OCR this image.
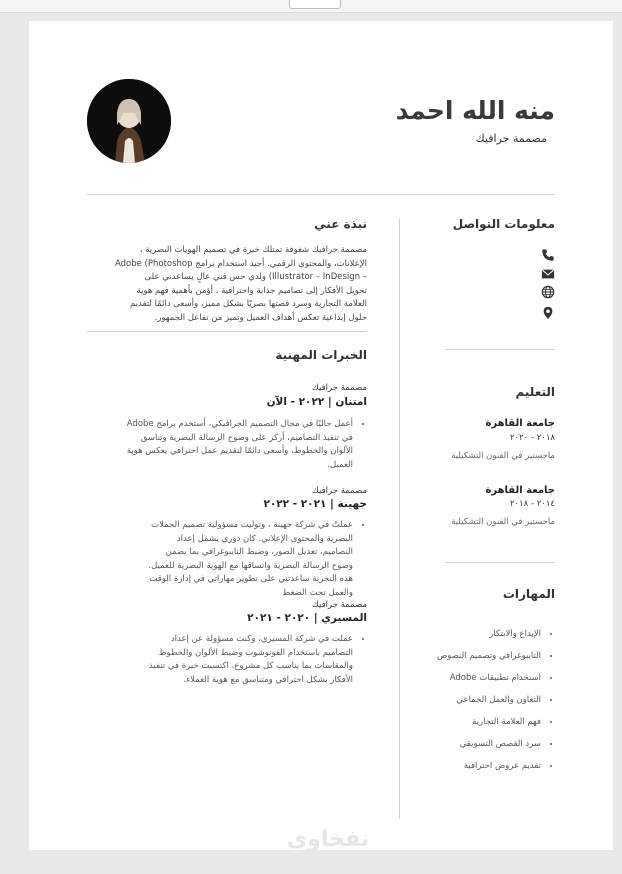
منه الله احمد
مصممة جرافيك
معلومات التواصل
التعليم
جامعة القاهرة
٢٠١٨ - ٢٠٢٠
ماجستير في الفنون التشكيلية
جامعة القاهرة
٢٠١٤ - ٢٠١٨
ماجستير في الفنون التشكيلية
المهارات
• الإبداع والابتكار
• التايبوغرافي وتصميم النصوص
• استخدام تطبيقات Adobe
• التعاون والعمل الجماعي
• فهم العلامة التجارية
• سرد القصص التسويقي
• تقديم عروض احترافية
نبذة عني
مصممة جرافيك شغوفة تمتلك خبرة في تصميم الهويات البصرية ،
الإعلانات، والمحتوى الرقمي. أجيد استخدام برامج Adobe (Photoshop
– Illustrator – InDesign) ولدي حس فني عالٍ يساعدني على
تحويل الأفكار إلى تصاميم جذابة واحترافية . أؤمن بأهمية فهم هوية
العلامة التجارية وسرد قصتها بصريًا بشكل مميز، وأسعى دائمًا لتقديم
حلول إبداعية تعكس أهداف العميل وتميز من تفاعل الجمهور.
الخبرات المهنية
مصممة جرافيك
امتنان | ٢٠٢٢ - الآن
• أعمل حاليًا في مجال التصميم الجرافيكي، أستخدم برامج Adobe
في تنفيذ التصاميم، أركز على وضوح الرسالة البصرية وتناسق
الألوان والخطوط، وأسعى دائمًا لتقديم عمل احترافي يعكس هوية
العميل.
مصممة جرافيك
جهينة | ٢٠٢١ - ٢٠٢٢
• عملتُ في شركة جهينة ، وتوليت مسؤولية تصميم الحملات
البصرية والمحتوى الإعلاني. كان دوري يشمل إعداد
التصاميم، تعديل الصور، وضبط التايبوغرافي بما يضمن
وضوح الرسالة البصرية واتساقها مع الهوية البصرية للعميل.
هذه التجربة ساعدتني على تطوير مهاراتي في إدارة الوقت
والعمل تحت الضغط
مصممة جرافيك
المسيري | ٢٠٢٠ - ٢٠٢١
• عملت في شركة المسيري، وكنت مسؤولة عن إعداد
التصاميم باستخدام الفوتوشوب وضبط الألوان والخطوط
والمقاسات بما يناسب كل مشروع. اكتسبت خبرة في تنفيذ
الأفكار بشكل احترافي ومتناسق مع هوية العملاء.
نفخاوي
